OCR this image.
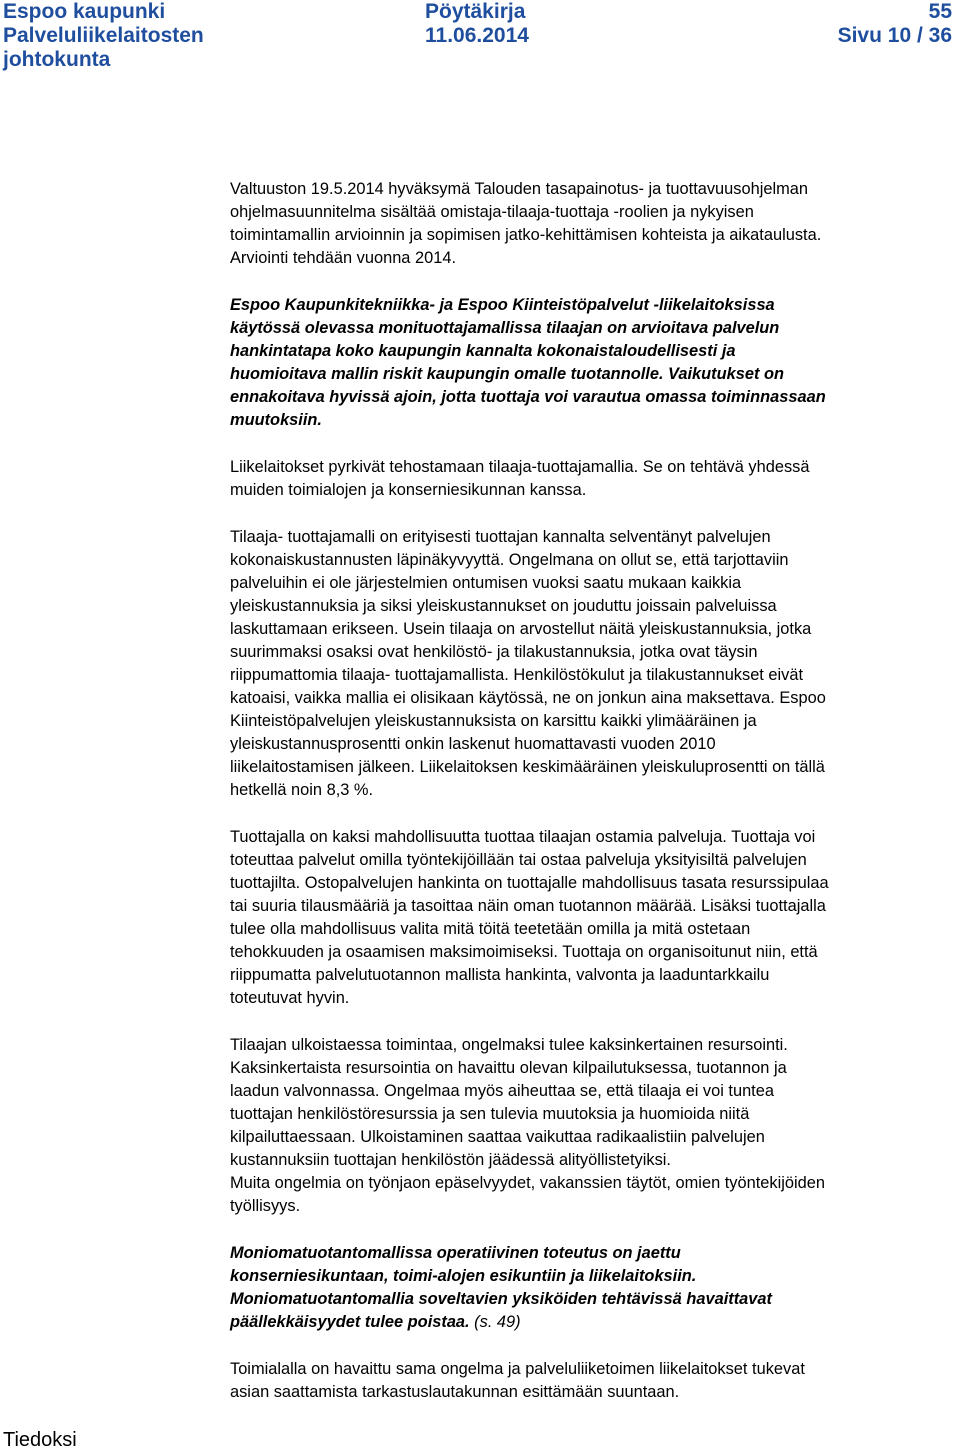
Espoo kaupunki
Palveluliikelaitosten
johtokunta
Pöytäkirja
11.06.2014
55
Sivu 10 / 36
Valtuuston 19.5.2014 hyväksymä Talouden tasapainotus- ja tuottavuusohjelman
ohjelmasuunnitelma sisältää omistaja-tilaaja-tuottaja -roolien ja nykyisen
toimintamallin arvioinnin ja sopimisen jatko-kehittämisen kohteista ja aikataulusta.
Arviointi tehdään vuonna 2014.
Espoo Kaupunkitekniikka- ja Espoo Kiinteistöpalvelut -liikelaitoksissa
käytössä olevassa monituottajamallissa tilaajan on arvioitava palvelun
hankintatapa koko kaupungin kannalta kokonaistaloudellisesti ja
huomioitava mallin riskit kaupungin omalle tuotannolle. Vaikutukset on
ennakoitava hyvissä ajoin, jotta tuottaja voi varautua omassa toiminnassaan
muutoksiin.
Liikelaitokset pyrkivät tehostamaan tilaaja-tuottajamallia. Se on tehtävä yhdessä
muiden toimialojen ja konserniesikunnan kanssa.
Tilaaja- tuottajamalli on erityisesti tuottajan kannalta selventänyt palvelujen
kokonaiskustannusten läpinäkyvyyttä. Ongelmana on ollut se, että tarjottaviin
palveluihin ei ole järjestelmien ontumisen vuoksi saatu mukaan kaikkia
yleiskustannuksia ja siksi yleiskustannukset on jouduttu joissain palveluissa
laskuttamaan erikseen. Usein tilaaja on arvostellut näitä yleiskustannuksia, jotka
suurimmaksi osaksi ovat henkilöstö- ja tilakustannuksia, jotka ovat täysin
riippumattomia tilaaja- tuottajamallista. Henkilöstökulut ja tilakustannukset eivät
katoaisi, vaikka mallia ei olisikaan käytössä, ne on jonkun aina maksettava. Espoo
Kiinteistöpalvelujen yleiskustannuksista on karsittu kaikki ylimääräinen ja
yleiskustannusprosentti onkin laskenut huomattavasti vuoden 2010
liikelaitostamisen jälkeen. Liikelaitoksen keskimääräinen yleiskuluprosentti on tällä
hetkellä noin 8,3 %.
Tuottajalla on kaksi mahdollisuutta tuottaa tilaajan ostamia palveluja. Tuottaja voi
toteuttaa palvelut omilla työntekijöillään tai ostaa palveluja yksityisiltä palvelujen
tuottajilta. Ostopalvelujen hankinta on tuottajalle mahdollisuus tasata resurssipulaa
tai suuria tilausmääriä ja tasoittaa näin oman tuotannon määrää. Lisäksi tuottajalla
tulee olla mahdollisuus valita mitä töitä teetetään omilla ja mitä ostetaan
tehokkuuden ja osaamisen maksimoimiseksi. Tuottaja on organisoitunut niin, että
riippumatta palvelutuotannon mallista hankinta, valvonta ja laaduntarkkailu
toteutuvat hyvin.
Tilaajan ulkoistaessa toimintaa, ongelmaksi tulee kaksinkertainen resursointi.
Kaksinkertaista resursointia on havaittu olevan kilpailutuksessa, tuotannon ja
laadun valvonnassa. Ongelmaa myös aiheuttaa se, että tilaaja ei voi tuntea
tuottajan henkilöstöresurssia ja sen tulevia muutoksia ja huomioida niitä
kilpailuttaessaan. Ulkoistaminen saattaa vaikuttaa radikaalistiin palvelujen
kustannuksiin tuottajan henkilöstön jäädessä alityöllistetyiksi.
Muita ongelmia on työnjaon epäselvyydet, vakanssien täytöt, omien työntekijöiden
työllisyys.
Moniomatuotantomallissa operatiivinen toteutus on jaettu
konserniesikuntaan, toimi-alojen esikuntiin ja liikelaitoksiin.
Moniomatuotantomallia soveltavien yksiköiden tehtävissä havaittavat
päällekkäisyydet tulee poistaa. (s. 49)
Toimialalla on havaittu sama ongelma ja palveluliiketoimen liikelaitokset tukevat
asian saattamista tarkastuslautakunnan esittämään suuntaan.
Tiedoksi
